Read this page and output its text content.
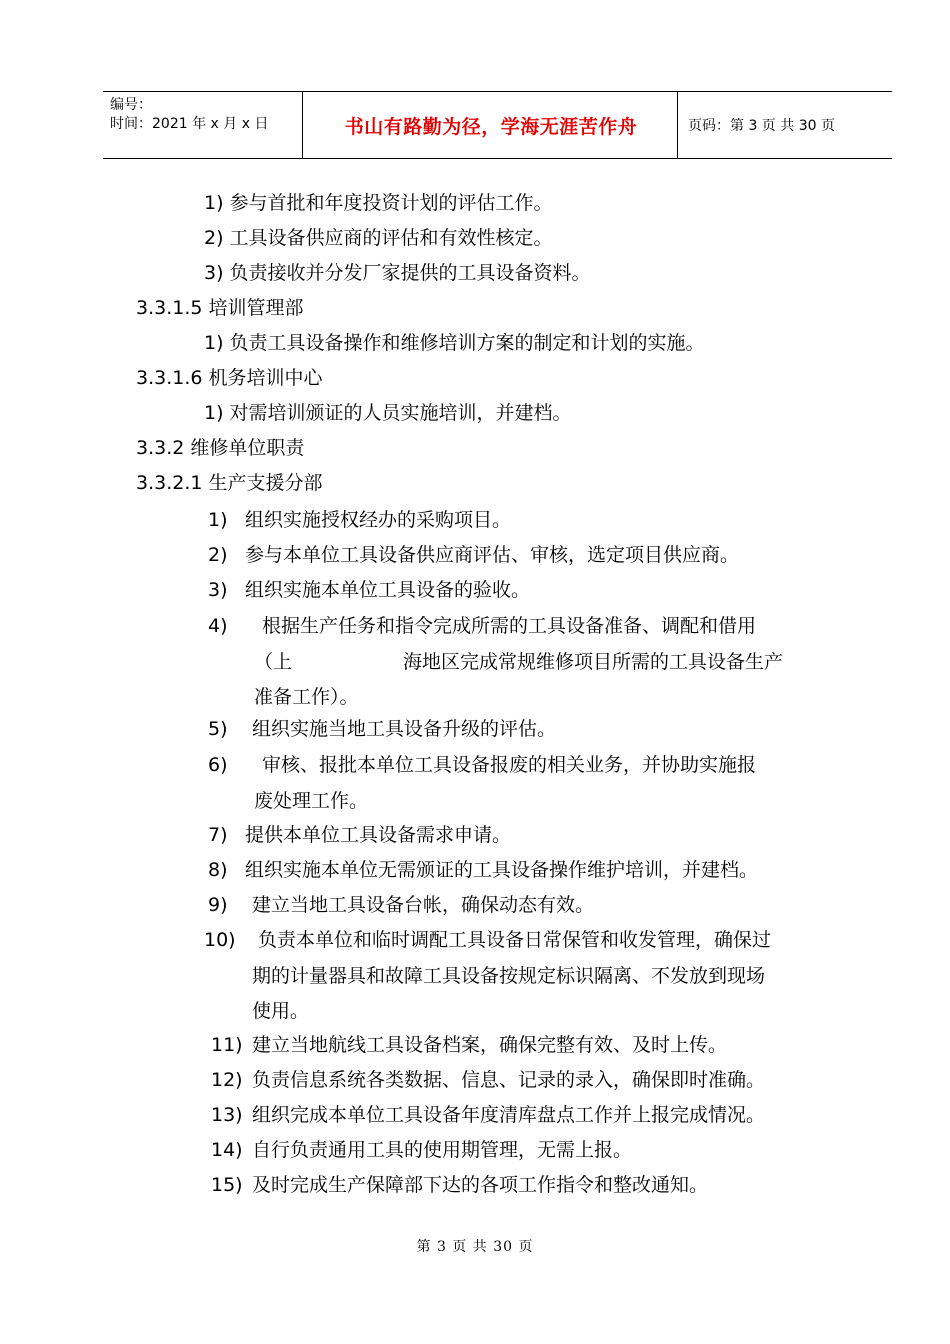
编号：
时间：2021 年 x 月 x 日	书山有路勤为径，学海无涯苦作舟	页码：第 3 页 共 30 页
1) 参与首批和年度投资计划的评估工作。
2) 工具设备供应商的评估和有效性核定。
3) 负责接收并分发厂家提供的工具设备资料。
3.3.1.5 培训管理部
1) 负责工具设备操作和维修培训方案的制定和计划的实施。
3.3.1.6 机务培训中心
1) 对需培训颁证的人员实施培训，并建档。
3.3.2 维修单位职责
3.3.2.1 生产支援分部
1) 组织实施授权经办的采购项目。
2) 参与本单位工具设备供应商评估、审核，选定项目供应商。
3) 组织实施本单位工具设备的验收。
4) 根据生产任务和指令完成所需的工具设备准备、调配和借用
（上	海地区完成常规维修项目所需的工具设备生产
准备工作）。
5) 组织实施当地工具设备升级的评估。
6) 审核、报批本单位工具设备报废的相关业务，并协助实施报
废处理工作。
7) 提供本单位工具设备需求申请。
8) 组织实施本单位无需颁证的工具设备操作维护培训，并建档。
9) 建立当地工具设备台帐，确保动态有效。
10) 负责本单位和临时调配工具设备日常保管和收发管理，确保过
期的计量器具和故障工具设备按规定标识隔离、不发放到现场
使用。
11) 建立当地航线工具设备档案，确保完整有效、及时上传。
12) 负责信息系统各类数据、信息、记录的录入，确保即时准确。
13) 组织完成本单位工具设备年度清库盘点工作并上报完成情况。
14) 自行负责通用工具的使用期管理，无需上报。
15) 及时完成生产保障部下达的各项工作指令和整改通知。
第 3 页 共 30 页
